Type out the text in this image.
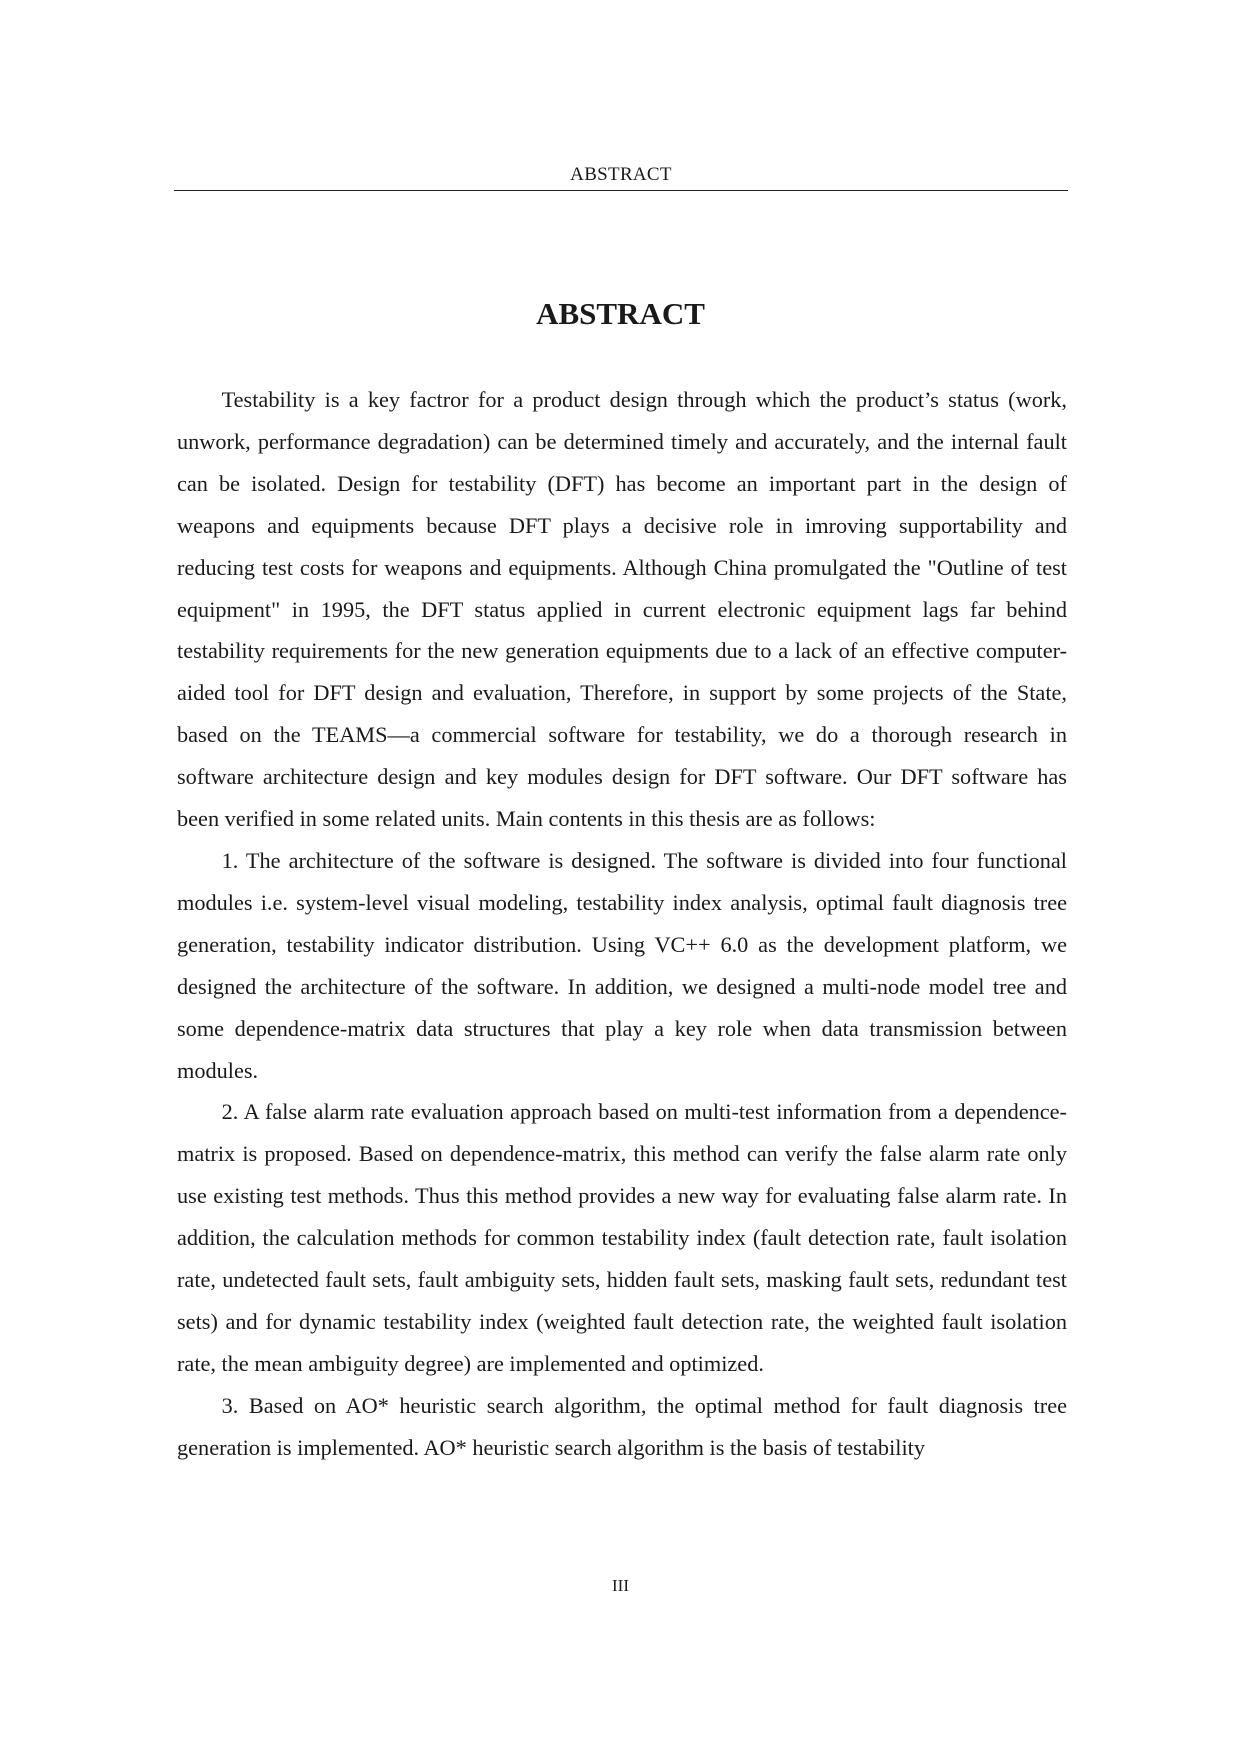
ABSTRACT
ABSTRACT

Testability is a key factror for a product design through which the product’s status (work, unwork, performance degradation) can be determined timely and accurately, and the internal fault can be isolated. Design for testability (DFT) has become an important part in the design of weapons and equipments because DFT plays a decisive role in imroving supportability and reducing test costs for weapons and equipments. Although China promulgated the "Outline of test equipment" in 1995, the DFT status applied in current electronic equipment lags far behind testability requirements for the new generation equipments due to a lack of an effective computer-aided tool for DFT design and evaluation, Therefore, in support by some projects of the State, based on the TEAMS—a commercial software for testability, we do a thorough research in software architecture design and key modules design for DFT software. Our DFT software has been verified in some related units. Main contents in this thesis are as follows:

1. The architecture of the software is designed. The software is divided into four functional modules i.e. system-level visual modeling, testability index analysis, optimal fault diagnosis tree generation, testability indicator distribution. Using VC++ 6.0 as the development platform, we designed the architecture of the software. In addition, we designed a multi-node model tree and some dependence-matrix data structures that play a key role when data transmission between modules.

2. A false alarm rate evaluation approach based on multi-test information from a dependence-matrix is proposed. Based on dependence-matrix, this method can verify the false alarm rate only use existing test methods. Thus this method provides a new way for evaluating false alarm rate. In addition, the calculation methods for common testability index (fault detection rate, fault isolation rate, undetected fault sets, fault ambiguity sets, hidden fault sets, masking fault sets, redundant test sets) and for dynamic testability index (weighted fault detection rate, the weighted fault isolation rate, the mean ambiguity degree) are implemented and optimized.

3. Based on AO* heuristic search algorithm, the optimal method for fault diagnosis tree generation is implemented. AO* heuristic search algorithm is the basis of testability

III
